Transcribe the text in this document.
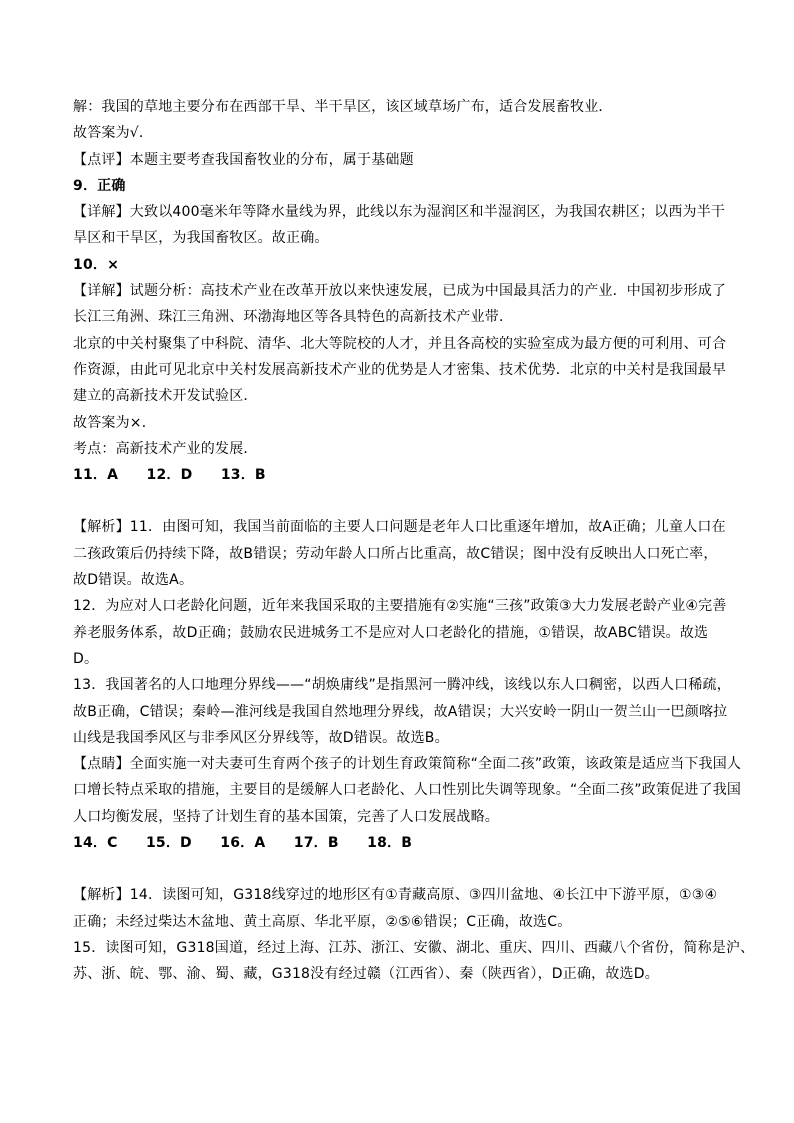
解：我国的草地主要分布在西部干旱、半干旱区，该区域草场广布，适合发展畜牧业．
故答案为√．
【点评】本题主要考查我国畜牧业的分布，属于基础题
9．正确
【详解】大致以400毫米年等降水量线为界，此线以东为湿润区和半湿润区，为我国农耕区；以西为半干
旱区和干旱区，为我国畜牧区。故正确。
10．×
【详解】试题分析：高技术产业在改革开放以来快速发展，已成为中国最具活力的产业．中国初步形成了
长江三角洲、珠江三角洲、环渤海地区等各具特色的高新技术产业带．
北京的中关村聚集了中科院、清华、北大等院校的人才，并且各高校的实验室成为最方便的可利用、可合
作资源，由此可见北京中关村发展高新技术产业的优势是人才密集、技术优势．北京的中关村是我国最早
建立的高新技术开发试验区．
故答案为×．
考点：高新技术产业的发展．
11．A　　12．D　　13．B
【解析】11．由图可知，我国当前面临的主要人口问题是老年人口比重逐年增加，故A正确；儿童人口在
二孩政策后仍持续下降，故B错误；劳动年龄人口所占比重高，故C错误；图中没有反映出人口死亡率，
故D错误。故选A。
12．为应对人口老龄化问题，近年来我国采取的主要措施有②实施“三孩”政策③大力发展老龄产业④完善
养老服务体系，故D正确；鼓励农民进城务工不是应对人口老龄化的措施，①错误，故ABC错误。故选
D。
13．我国著名的人口地理分界线——“胡焕庸线”是指黑河一腾冲线，该线以东人口稠密，以西人口稀疏，
故B正确，C错误；秦岭—淮河线是我国自然地理分界线，故A错误；大兴安岭一阴山一贺兰山一巴颜喀拉
山线是我国季风区与非季风区分界线等，故D错误。故选B。
【点睛】全面实施一对夫妻可生育两个孩子的计划生育政策简称“全面二孩”政策，该政策是适应当下我国人
口增长特点采取的措施，主要目的是缓解人口老龄化、人口性别比失调等现象。“全面二孩”政策促进了我国
人口均衡发展，坚持了计划生育的基本国策，完善了人口发展战略。
14．C　　15．D　　16．A　　17．B　　18．B
【解析】14．读图可知，G318线穿过的地形区有①青藏高原、③四川盆地、④长江中下游平原，①③④
正确；未经过柴达木盆地、黄土高原、华北平原，②⑤⑥错误；C正确，故选C。
15．读图可知，G318国道，经过上海、江苏、浙江、安徽、湖北、重庆、四川、西藏八个省份，简称是沪、
苏、浙、皖、鄂、渝、蜀、藏，G318没有经过赣（江西省）、秦（陕西省），D正确，故选D。
